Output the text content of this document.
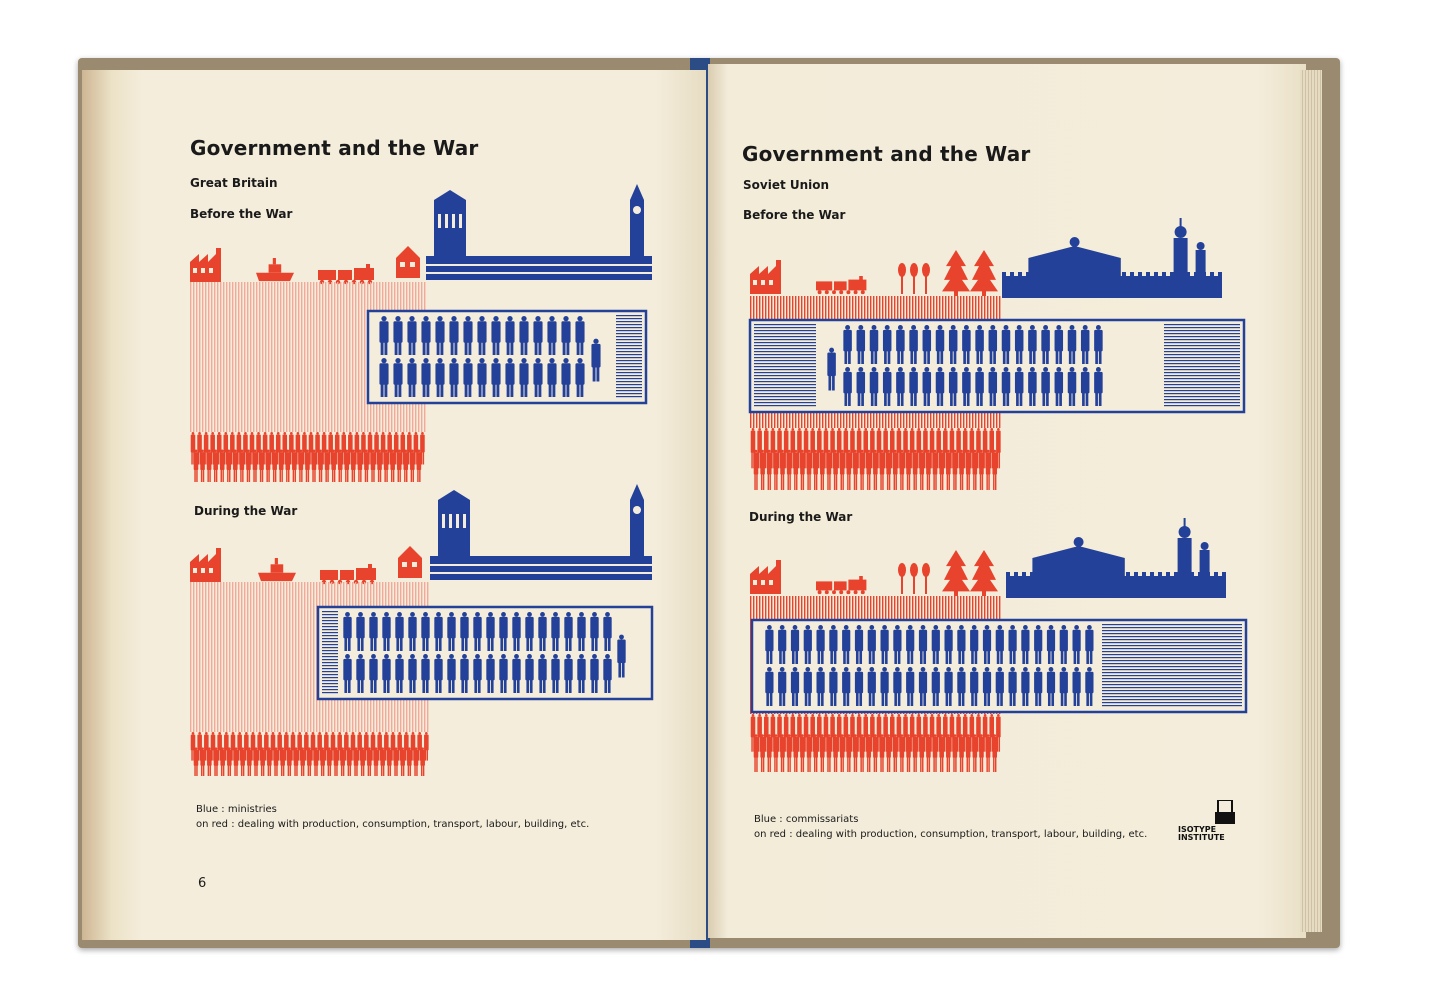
Government and the War

Great Britain

Before the War

During the War

Blue : ministries
on red : dealing with production, consumption, transport, labour, building, etc.
6
Government and the War

Soviet Union

Before the War

During the War

Blue : commissariats
on red : dealing with production, consumption, transport, labour, building, etc.	ISOTYPE
INSTITUTE
